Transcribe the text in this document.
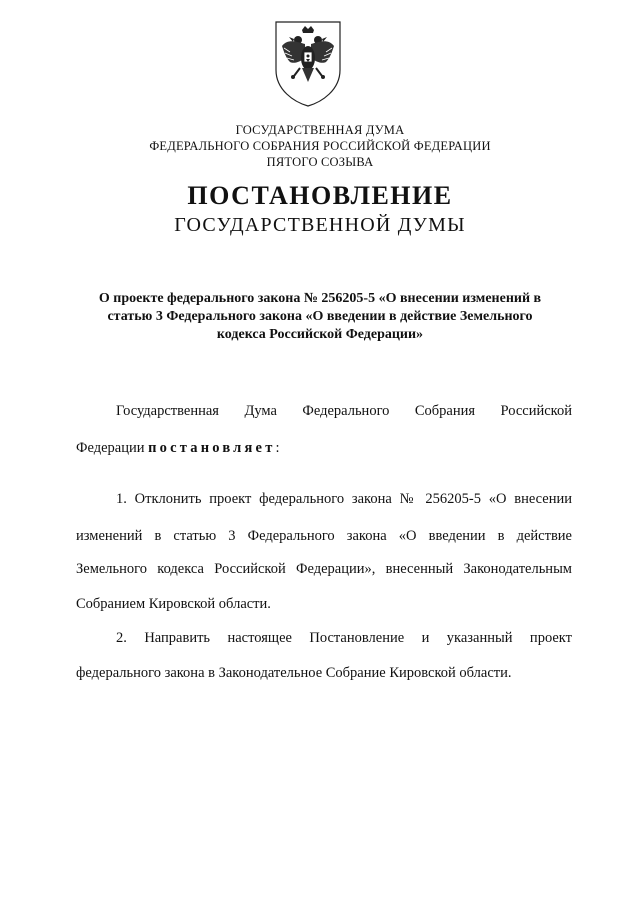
ГОСУДАРСТВЕННАЯ ДУМА
ФЕДЕРАЛЬНОГО СОБРАНИЯ РОССИЙСКОЙ ФЕДЕРАЦИИ
ПЯТОГО СОЗЫВА
ПОСТАНОВЛЕНИЕ
ГОСУДАРСТВЕННОЙ ДУМЫ
О проекте федерального закона № 256205-5 «О внесении изменений в
статью 3 Федерального закона «О введении в действие Земельного
кодекса Российской Федерации»
Государственная Дума Федерального Собрания Российской
Федерации постановляет:
1. Отклонить проект федерального закона № 256205-5 «О внесении
изменений в статью 3 Федерального закона «О введении в действие
Земельного кодекса Российской Федерации», внесенный Законодательным
Собранием Кировской области.
2. Направить настоящее Постановление и указанный проект
федерального закона в Законодательное Собрание Кировской области.
